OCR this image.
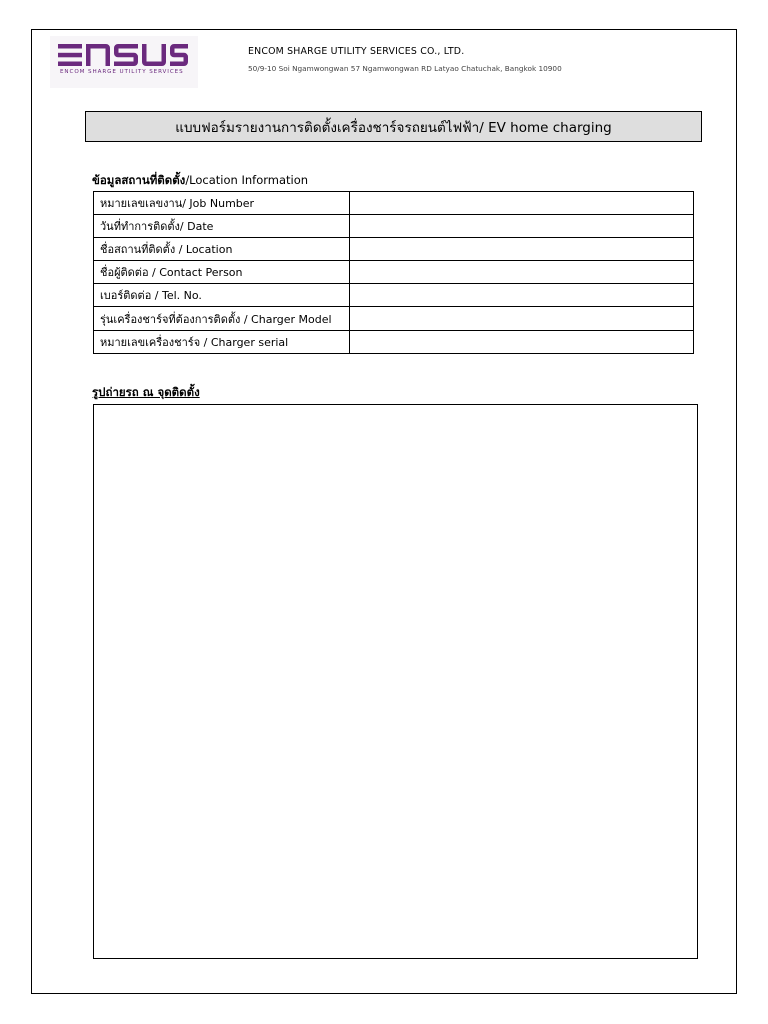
ENCOM SHARGE UTILITY SERVICES
ENCOM SHARGE UTILITY SERVICES CO., LTD.
50/9-10 Soi Ngamwongwan 57 Ngamwongwan RD Latyao Chatuchak, Bangkok 10900
แบบฟอร์มรายงานการติดตั้งเครื่องชาร์จรถยนต์ไฟฟ้า/ EV home charging
ข้อมูลสถานที่ติดตั้ง/Location Information
หมายเลขเลขงาน/ Job Number	
วันที่ทำการติดตั้ง/ Date	
ชื่อสถานที่ติดตั้ง / Location	
ชื่อผู้ติดต่อ / Contact Person	
เบอร์ติดต่อ / Tel. No.	
รุ่นเครื่องชาร์จที่ต้องการติดตั้ง / Charger Model	
หมายเลขเครื่องชาร์จ / Charger serial	
รูปถ่ายรถ ณ จุดติดตั้ง
